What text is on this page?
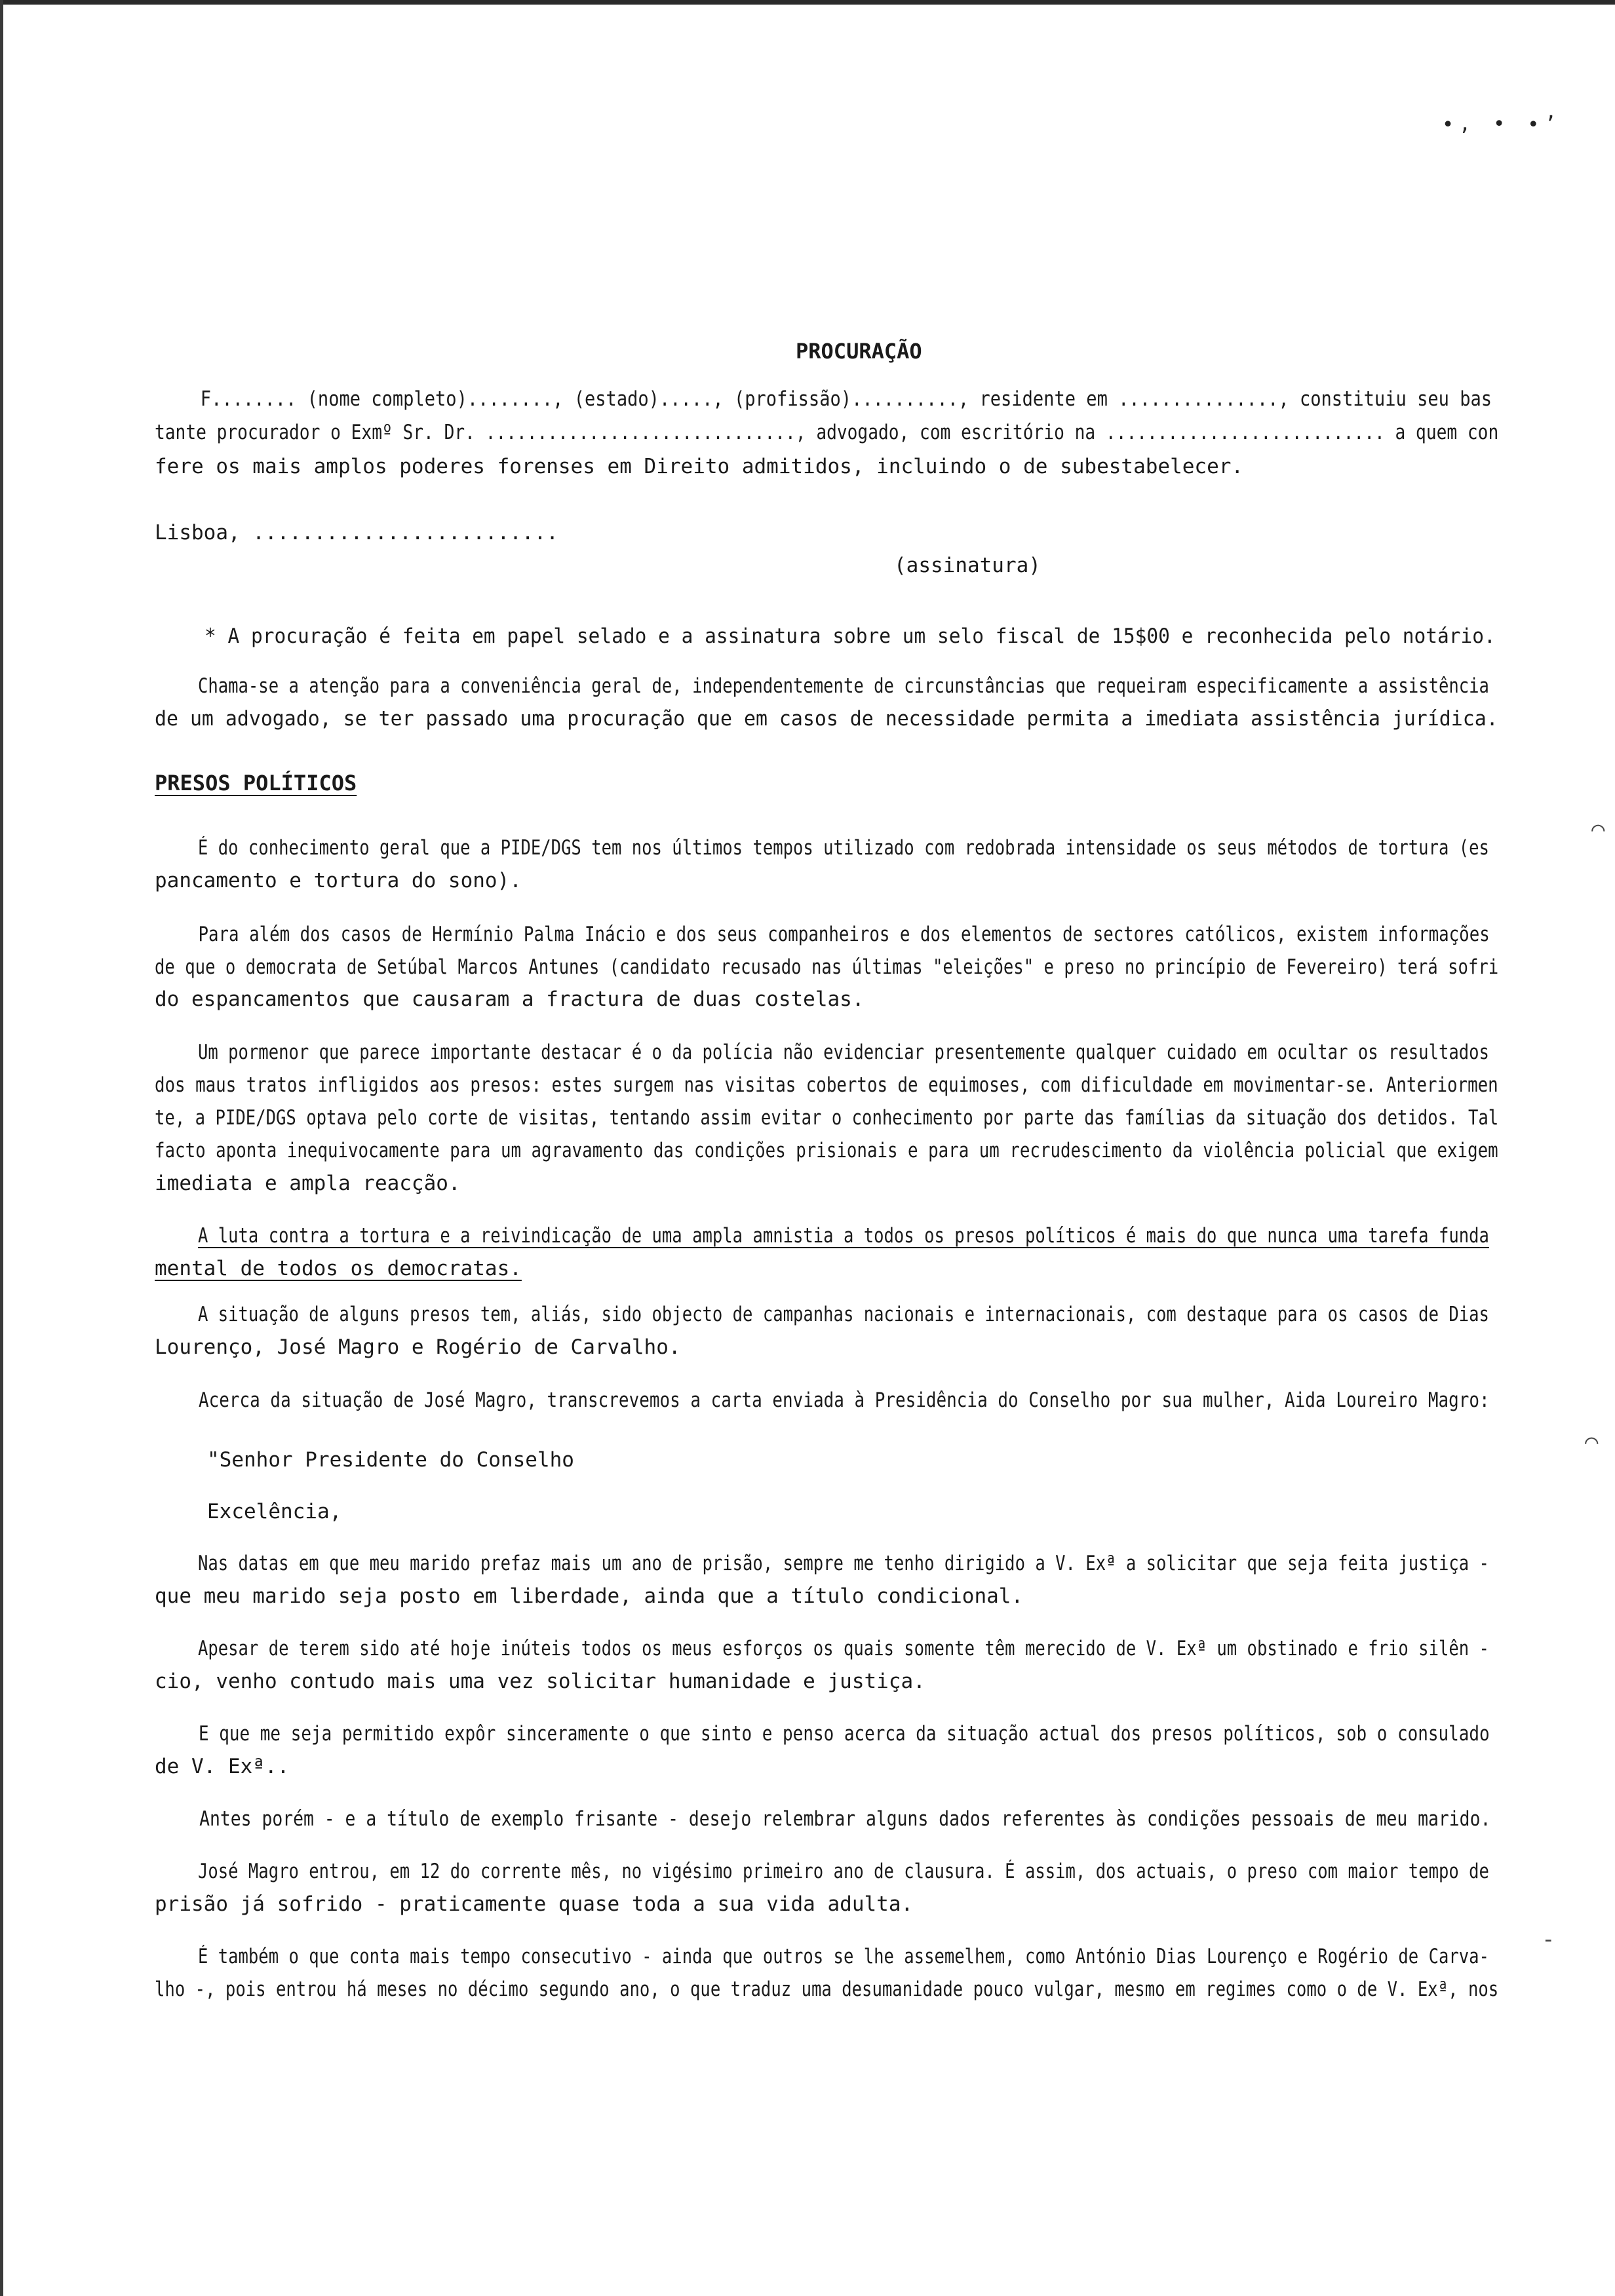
∙, • ∙ʼ
⌒
⌒
-
PROCURAÇÃO
F........ (nome completo)........, (estado)....., (profissão).........., residente em ..............., constituiu seu bas
tante procurador o Exmº Sr. Dr. .............................., advogado, com escritório na ........................... a quem con
fere os mais amplos poderes forenses em Direito admitidos, incluindo o de subestabelecer.
Lisboa, .........................
(assinatura)
* A procuração é feita em papel selado e a assinatura sobre um selo fiscal de 15$00 e reconhecida pelo notário.
Chama-se a atenção para a conveniência geral de, independentemente de circunstâncias que requeiram especificamente a assistência
de um advogado, se ter passado uma procuração que em casos de necessidade permita a imediata assistência jurídica.
PRESOS POLÍTICOS
É do conhecimento geral que a PIDE/DGS tem nos últimos tempos utilizado com redobrada intensidade os seus métodos de tortura (es
pancamento e tortura do sono).
Para além dos casos de Hermínio Palma Inácio e dos seus companheiros e dos elementos de sectores católicos, existem informações
de que o democrata de Setúbal Marcos Antunes (candidato recusado nas últimas "eleições" e preso no princípio de Fevereiro) terá sofri
do espancamentos que causaram a fractura de duas costelas.
Um pormenor que parece importante destacar é o da polícia não evidenciar presentemente qualquer cuidado em ocultar os resultados
dos maus tratos infligidos aos presos: estes surgem nas visitas cobertos de equimoses, com dificuldade em movimentar-se. Anteriormen
te, a PIDE/DGS optava pelo corte de visitas, tentando assim evitar o conhecimento por parte das famílias da situação dos detidos. Tal
facto aponta inequivocamente para um agravamento das condições prisionais e para um recrudescimento da violência policial que exigem
imediata e ampla reacção.
A luta contra a tortura e a reivindicação de uma ampla amnistia a todos os presos políticos é mais do que nunca uma tarefa funda
mental de todos os democratas.
A situação de alguns presos tem, aliás, sido objecto de campanhas nacionais e internacionais, com destaque para os casos de Dias
Lourenço, José Magro e Rogério de Carvalho.
Acerca da situação de José Magro, transcrevemos a carta enviada à Presidência do Conselho por sua mulher, Aida Loureiro Magro:
"Senhor Presidente do Conselho
Excelência,
Nas datas em que meu marido prefaz mais um ano de prisão, sempre me tenho dirigido a V. Exª a solicitar que seja feita justiça -
que meu marido seja posto em liberdade, ainda que a título condicional.
Apesar de terem sido até hoje inúteis todos os meus esforços os quais somente têm merecido de V. Exª um obstinado e frio silên -
cio, venho contudo mais uma vez solicitar humanidade e justiça.
E que me seja permitido expôr sinceramente o que sinto e penso acerca da situação actual dos presos políticos, sob o consulado
de V. Exª..
Antes porém - e a título de exemplo frisante - desejo relembrar alguns dados referentes às condições pessoais de meu marido.
José Magro entrou, em 12 do corrente mês, no vigésimo primeiro ano de clausura. É assim, dos actuais, o preso com maior tempo de
prisão já sofrido - praticamente quase toda a sua vida adulta.
É também o que conta mais tempo consecutivo - ainda que outros se lhe assemelhem, como António Dias Lourenço e Rogério de Carva-
lho -, pois entrou há meses no décimo segundo ano, o que traduz uma desumanidade pouco vulgar, mesmo em regimes como o de V. Exª, nos
